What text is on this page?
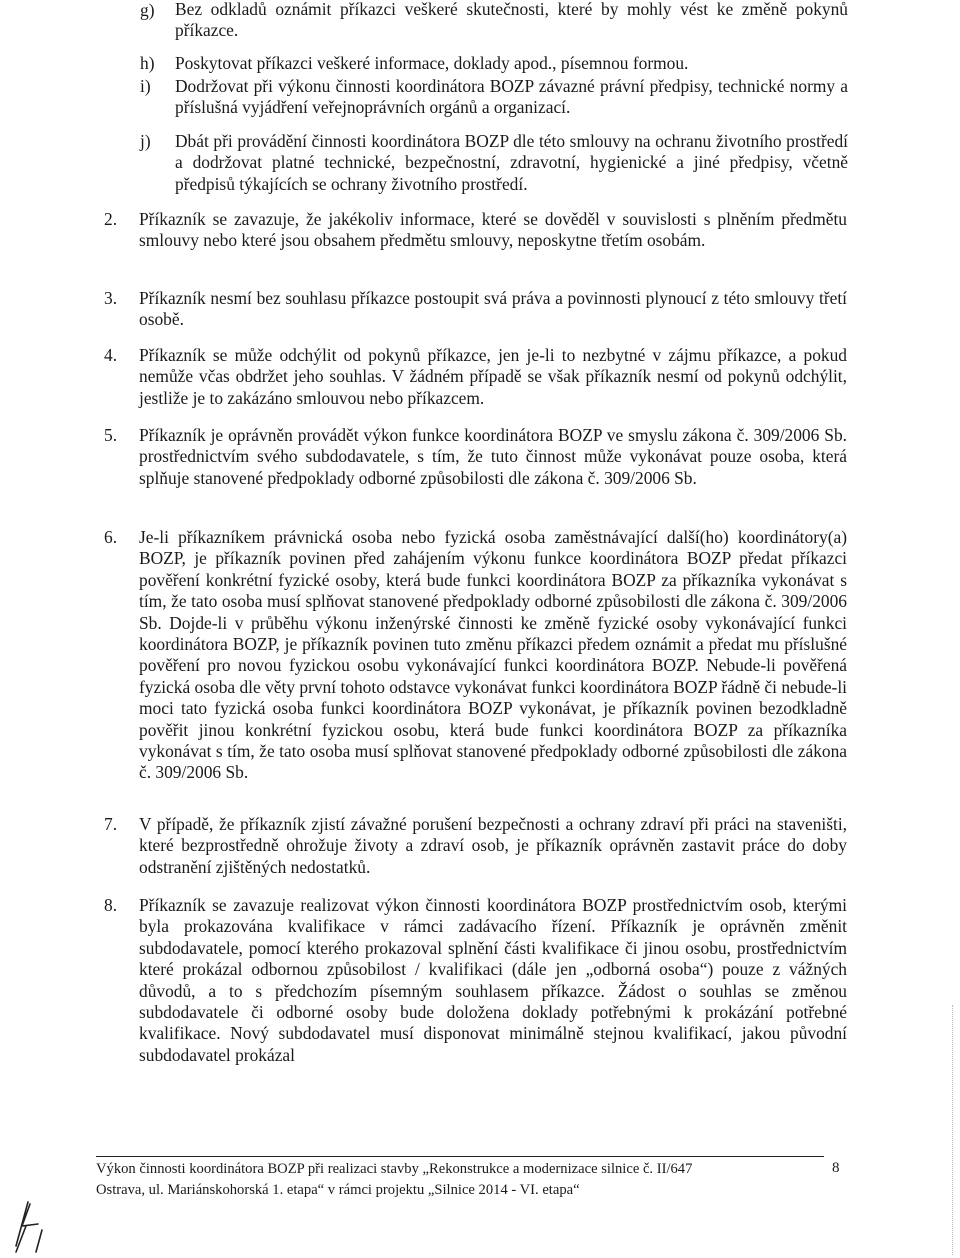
g) Bez odkladů oznámit příkazci veškeré skutečnosti, které by mohly vést ke změně pokynů příkazce.
h) Poskytovat příkazci veškeré informace, doklady apod., písemnou formou.
i) Dodržovat při výkonu činnosti koordinátora BOZP závazné právní předpisy, technické normy a příslušná vyjádření veřejnoprávních orgánů a organizací.
j) Dbát při provádění činnosti koordinátora BOZP dle této smlouvy na ochranu životního prostředí a dodržovat platné technické, bezpečnostní, zdravotní, hygienické a jiné předpisy, včetně předpisů týkajících se ochrany životního prostředí.
2. Příkazník se zavazuje, že jakékoliv informace, které se dověděl v souvislosti s plněním předmětu smlouvy nebo které jsou obsahem předmětu smlouvy, neposkytne třetím osobám.
3. Příkazník nesmí bez souhlasu příkazce postoupit svá práva a povinnosti plynoucí z této smlouvy třetí osobě.
4. Příkazník se může odchýlit od pokynů příkazce, jen je-li to nezbytné v zájmu příkazce, a pokud nemůže včas obdržet jeho souhlas. V žádném případě se však příkazník nesmí od pokynů odchýlit, jestliže je to zakázáno smlouvou nebo příkazcem.
5. Příkazník je oprávněn provádět výkon funkce koordinátora BOZP ve smyslu zákona č. 309/2006 Sb. prostřednictvím svého subdodavatele, s tím, že tuto činnost může vykonávat pouze osoba, která splňuje stanovené předpoklady odborné způsobilosti dle zákona č. 309/2006 Sb.
6. Je-li příkazníkem právnická osoba nebo fyzická osoba zaměstnávající další(ho) koordinátory(a) BOZP, je příkazník povinen před zahájením výkonu funkce koordinátora BOZP předat příkazci pověření konkrétní fyzické osoby, která bude funkci koordinátora BOZP za příkazníka vykonávat s tím, že tato osoba musí splňovat stanovené předpoklady odborné způsobilosti dle zákona č. 309/2006 Sb. Dojde-li v průběhu výkonu inženýrské činnosti ke změně fyzické osoby vykonávající funkci koordinátora BOZP, je příkazník povinen tuto změnu příkazci předem oznámit a předat mu příslušné pověření pro novou fyzickou osobu vykonávající funkci koordinátora BOZP. Nebude-li pověřená fyzická osoba dle věty první tohoto odstavce vykonávat funkci koordinátora BOZP řádně či nebude-li moci tato fyzická osoba funkci koordinátora BOZP vykonávat, je příkazník povinen bezodkladně pověřit jinou konkrétní fyzickou osobu, která bude funkci koordinátora BOZP za příkazníka vykonávat s tím, že tato osoba musí splňovat stanovené předpoklady odborné způsobilosti dle zákona č. 309/2006 Sb.
7. V případě, že příkazník zjistí závažné porušení bezpečnosti a ochrany zdraví při práci na staveništi, které bezprostředně ohrožuje životy a zdraví osob, je příkazník oprávněn zastavit práce do doby odstranění zjištěných nedostatků.
8. Příkazník se zavazuje realizovat výkon činnosti koordinátora BOZP prostřednictvím osob, kterými byla prokazována kvalifikace v rámci zadávacího řízení. Příkazník je oprávněn změnit subdodavatele, pomocí kterého prokazoval splnění části kvalifikace či jinou osobu, prostřednictvím které prokázal odbornou způsobilost / kvalifikaci (dále jen „odborná osoba“) pouze z vážných důvodů, a to s předchozím písemným souhlasem příkazce. Žádost o souhlas se změnou subdodavatele či odborné osoby bude doložena doklady potřebnými k prokázání potřebné kvalifikace. Nový subdodavatel musí disponovat minimálně stejnou kvalifikací, jakou původní subdodavatel prokázal
Výkon činnosti koordinátora BOZP při realizaci stavby „Rekonstrukce a modernizace silnice č. II/647
Ostrava, ul. Mariánskohorská 1. etapa“ v rámci projektu „Silnice 2014 - VI. etapa“
8
